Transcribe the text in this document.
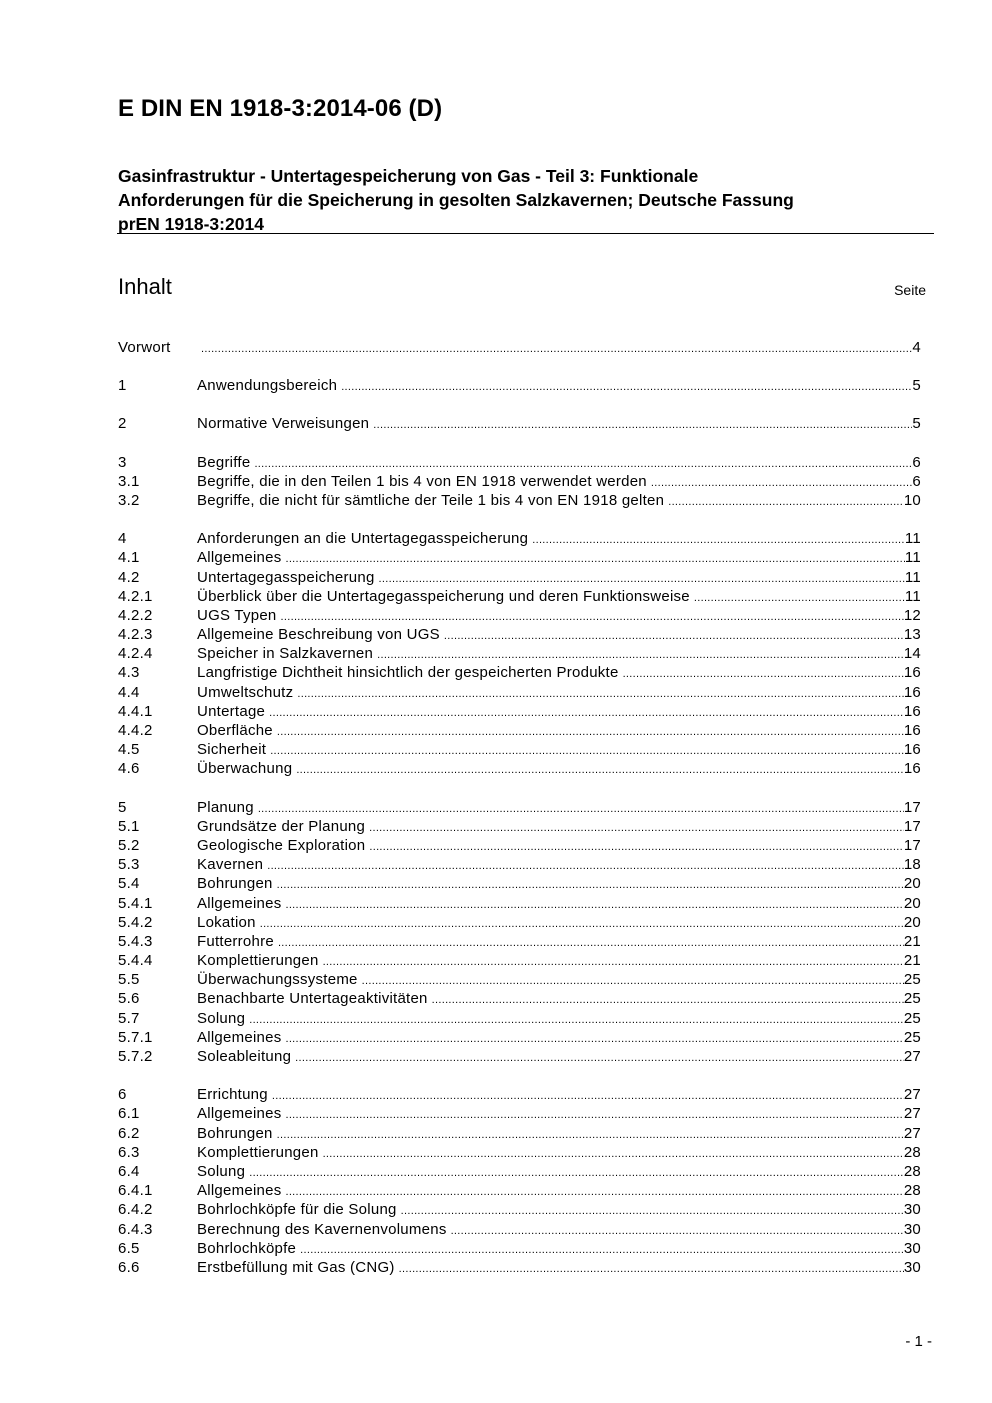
E DIN EN 1918-3:2014-06 (D)
Gasinfrastruktur - Untertagespeicherung von Gas - Teil 3: Funktionale
Anforderungen für die Speicherung in gesolten Salzkavernen; Deutsche Fassung
prEN 1918-3:2014
Inhalt	Seite
Vorwort .....	4
1	Anwendungsbereich .....	5
2	Normative Verweisungen .....	5
3	Begriffe .....	6
3.1	Begriffe, die in den Teilen 1 bis 4 von EN 1918 verwendet werden .....	6
3.2	Begriffe, die nicht für sämtliche der Teile 1 bis 4 von EN 1918 gelten .....	10
4	Anforderungen an die Untertagegasspeicherung .....	11
4.1	Allgemeines .....	11
4.2	Untertagegasspeicherung .....	11
4.2.1	Überblick über die Untertagegasspeicherung und deren Funktionsweise .....	11
4.2.2	UGS Typen .....	12
4.2.3	Allgemeine Beschreibung von UGS .....	13
4.2.4	Speicher in Salzkavernen .....	14
4.3	Langfristige Dichtheit hinsichtlich der gespeicherten Produkte .....	16
4.4	Umweltschutz .....	16
4.4.1	Untertage .....	16
4.4.2	Oberfläche .....	16
4.5	Sicherheit .....	16
4.6	Überwachung .....	16
5	Planung .....	17
5.1	Grundsätze der Planung .....	17
5.2	Geologische Exploration .....	17
5.3	Kavernen .....	18
5.4	Bohrungen .....	20
5.4.1	Allgemeines .....	20
5.4.2	Lokation .....	20
5.4.3	Futterrohre .....	21
5.4.4	Komplettierungen .....	21
5.5	Überwachungssysteme .....	25
5.6	Benachbarte Untertageaktivitäten .....	25
5.7	Solung .....	25
5.7.1	Allgemeines .....	25
5.7.2	Soleableitung .....	27
6	Errichtung .....	27
6.1	Allgemeines .....	27
6.2	Bohrungen .....	27
6.3	Komplettierungen .....	28
6.4	Solung .....	28
6.4.1	Allgemeines .....	28
6.4.2	Bohrlochköpfe für die Solung .....	30
6.4.3	Berechnung des Kavernenvolumens .....	30
6.5	Bohrlochköpfe .....	30
6.6	Erstbefüllung mit Gas (CNG) .....	30
- 1 -
